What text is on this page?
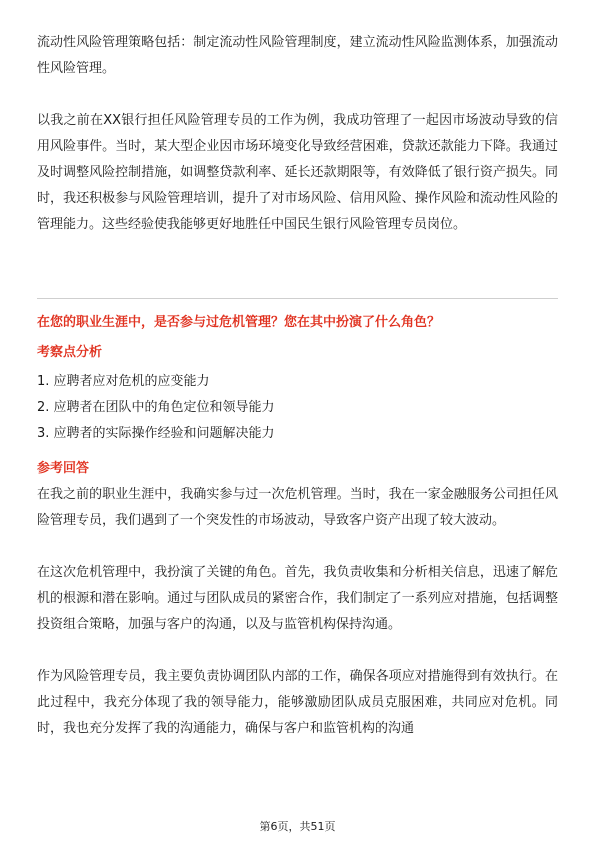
流动性风险管理策略包括：制定流动性风险管理制度，建立流动性风险监测体系，加强流动性风险管理。

以我之前在XX银行担任风险管理专员的工作为例，我成功管理了一起因市场波动导致的信用风险事件。当时，某大型企业因市场环境变化导致经营困难，贷款还款能力下降。我通过及时调整风险控制措施，如调整贷款利率、延长还款期限等，有效降低了银行资产损失。同时，我还积极参与风险管理培训，提升了对市场风险、信用风险、操作风险和流动性风险的管理能力。这些经验使我能够更好地胜任中国民生银行风险管理专员岗位。

在您的职业生涯中，是否参与过危机管理？您在其中扮演了什么角色？
考察点分析
1. 应聘者应对危机的应变能力
2. 应聘者在团队中的角色定位和领导能力
3. 应聘者的实际操作经验和问题解决能力
参考回答

在我之前的职业生涯中，我确实参与过一次危机管理。当时，我在一家金融服务公司担任风险管理专员，我们遇到了一个突发性的市场波动，导致客户资产出现了较大波动。

在这次危机管理中，我扮演了关键的角色。首先，我负责收集和分析相关信息，迅速了解危机的根源和潜在影响。通过与团队成员的紧密合作，我们制定了一系列应对措施，包括调整投资组合策略，加强与客户的沟通，以及与监管机构保持沟通。

作为风险管理专员，我主要负责协调团队内部的工作，确保各项应对措施得到有效执行。在此过程中，我充分体现了我的领导能力，能够激励团队成员克服困难，共同应对危机。同时，我也充分发挥了我的沟通能力，确保与客户和监管机构的沟通

第6页，共51页
